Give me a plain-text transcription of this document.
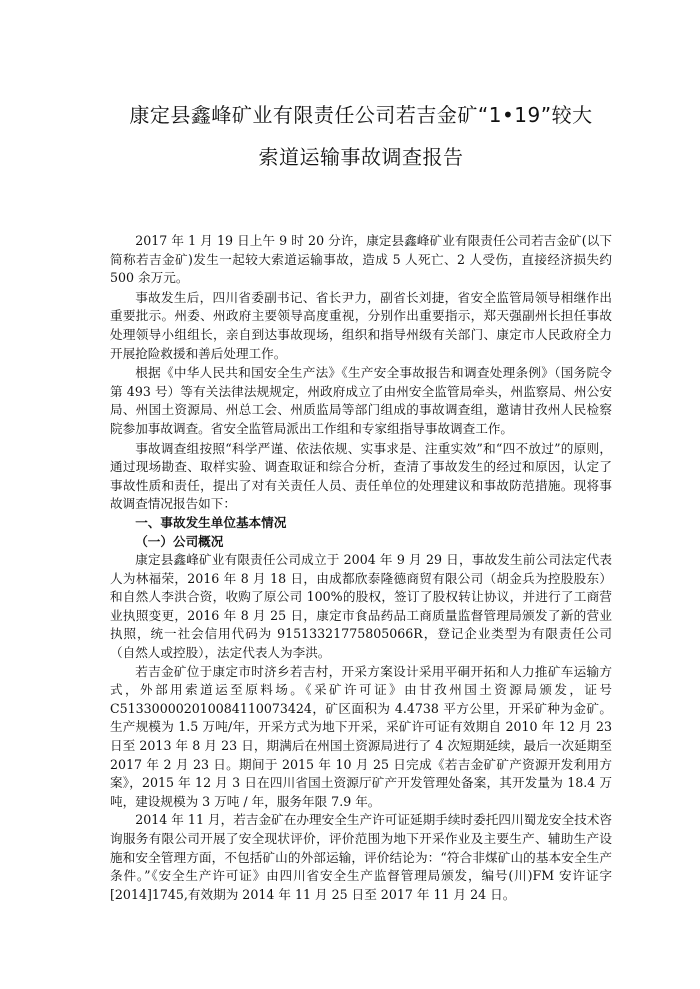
康定县鑫峰矿业有限责任公司若吉金矿“1•19”较大
索道运输事故调查报告

2017 年 1 月 19 日上午 9 时 20 分许，康定县鑫峰矿业有限责任公司若吉金矿(以下简称若吉金矿)发生一起较大索道运输事故，造成 5 人死亡、2 人受伤，直接经济损失约 500 余万元。

事故发生后，四川省委副书记、省长尹力，副省长刘捷，省安全监管局领导相继作出重要批示。州委、州政府主要领导高度重视，分别作出重要指示，郑天强副州长担任事故处理领导小组组长，亲自到达事故现场，组织和指导州级有关部门、康定市人民政府全力开展抢险救援和善后处理工作。

根据《中华人民共和国安全生产法》《生产安全事故报告和调查处理条例》（国务院令第 493 号）等有关法律法规规定，州政府成立了由州安全监管局牵头，州监察局、州公安局、州国土资源局、州总工会、州质监局等部门组成的事故调查组，邀请甘孜州人民检察院参加事故调查。省安全监管局派出工作组和专家组指导事故调查工作。

事故调查组按照“科学严谨、依法依规、实事求是、注重实效”和“四不放过”的原则，通过现场勘查、取样实验、调查取证和综合分析，查清了事故发生的经过和原因，认定了事故性质和责任，提出了对有关责任人员、责任单位的处理建议和事故防范措施。现将事故调查情况报告如下：

一、事故发生单位基本情况
（一）公司概况

康定县鑫峰矿业有限责任公司成立于 2004 年 9 月 29 日，事故发生前公司法定代表人为林福荣，2016 年 8 月 18 日，由成都欣泰隆德商贸有限公司（胡金兵为控股股东）和自然人李洪合资，收购了原公司 100%的股权，签订了股权转让协议，并进行了工商营业执照变更，2016 年 8 月 25 日，康定市食品药品工商质量监督管理局颁发了新的营业执照，统一社会信用代码为 91513321775805066R，登记企业类型为有限责任公司（自然人或控股），法定代表人为李洪。

若吉金矿位于康定市时济乡若吉村，开采方案设计采用平硐开拓和人力推矿车运输方式，外部用索道运至原料场。《采矿许可证》由甘孜州国土资源局颁发，证号 C5133000020100841100734​24，矿区面积为 4.4738 平方公里，开采矿种为金矿。生产规模为 1.5 万吨/年，开采方式为地下开采，采矿许可证有效期自 2010 年 12 月 23 日至 2013 年 8 月 23 日，期满后在州国土资源局进行了 4 次短期延续，最后一次延期至 2017 年 2 月 23 日。期间于 2015 年 10 月 25 日完成《若吉金矿矿产资源开发利用方案》，2015 年 12 月 3 日在四川省国土资源厅矿产开发管理处备案，其开发量为 18.4 万吨，建设规模为 3 万吨 / 年，服务年限 7.9 年。

2014 年 11 月，若吉金矿在办理安全生产许可证延期手续时委托四川蜀龙安全技术咨询服务有限公司开展了安全现状评价，评价范围为地下开采作业及主要生产、辅助生产设施和安全管理方面，不包括矿山的外部运输，评价结论为：“符合非煤矿山的基本安全生产条件。”《安全生产许可证》由四川省安全生产监督管理局颁发，编号(川)FM 安许证字[2014]1745,有效期为 2014 年 11 月 25 日至 2017 年 11 月 24 日。
